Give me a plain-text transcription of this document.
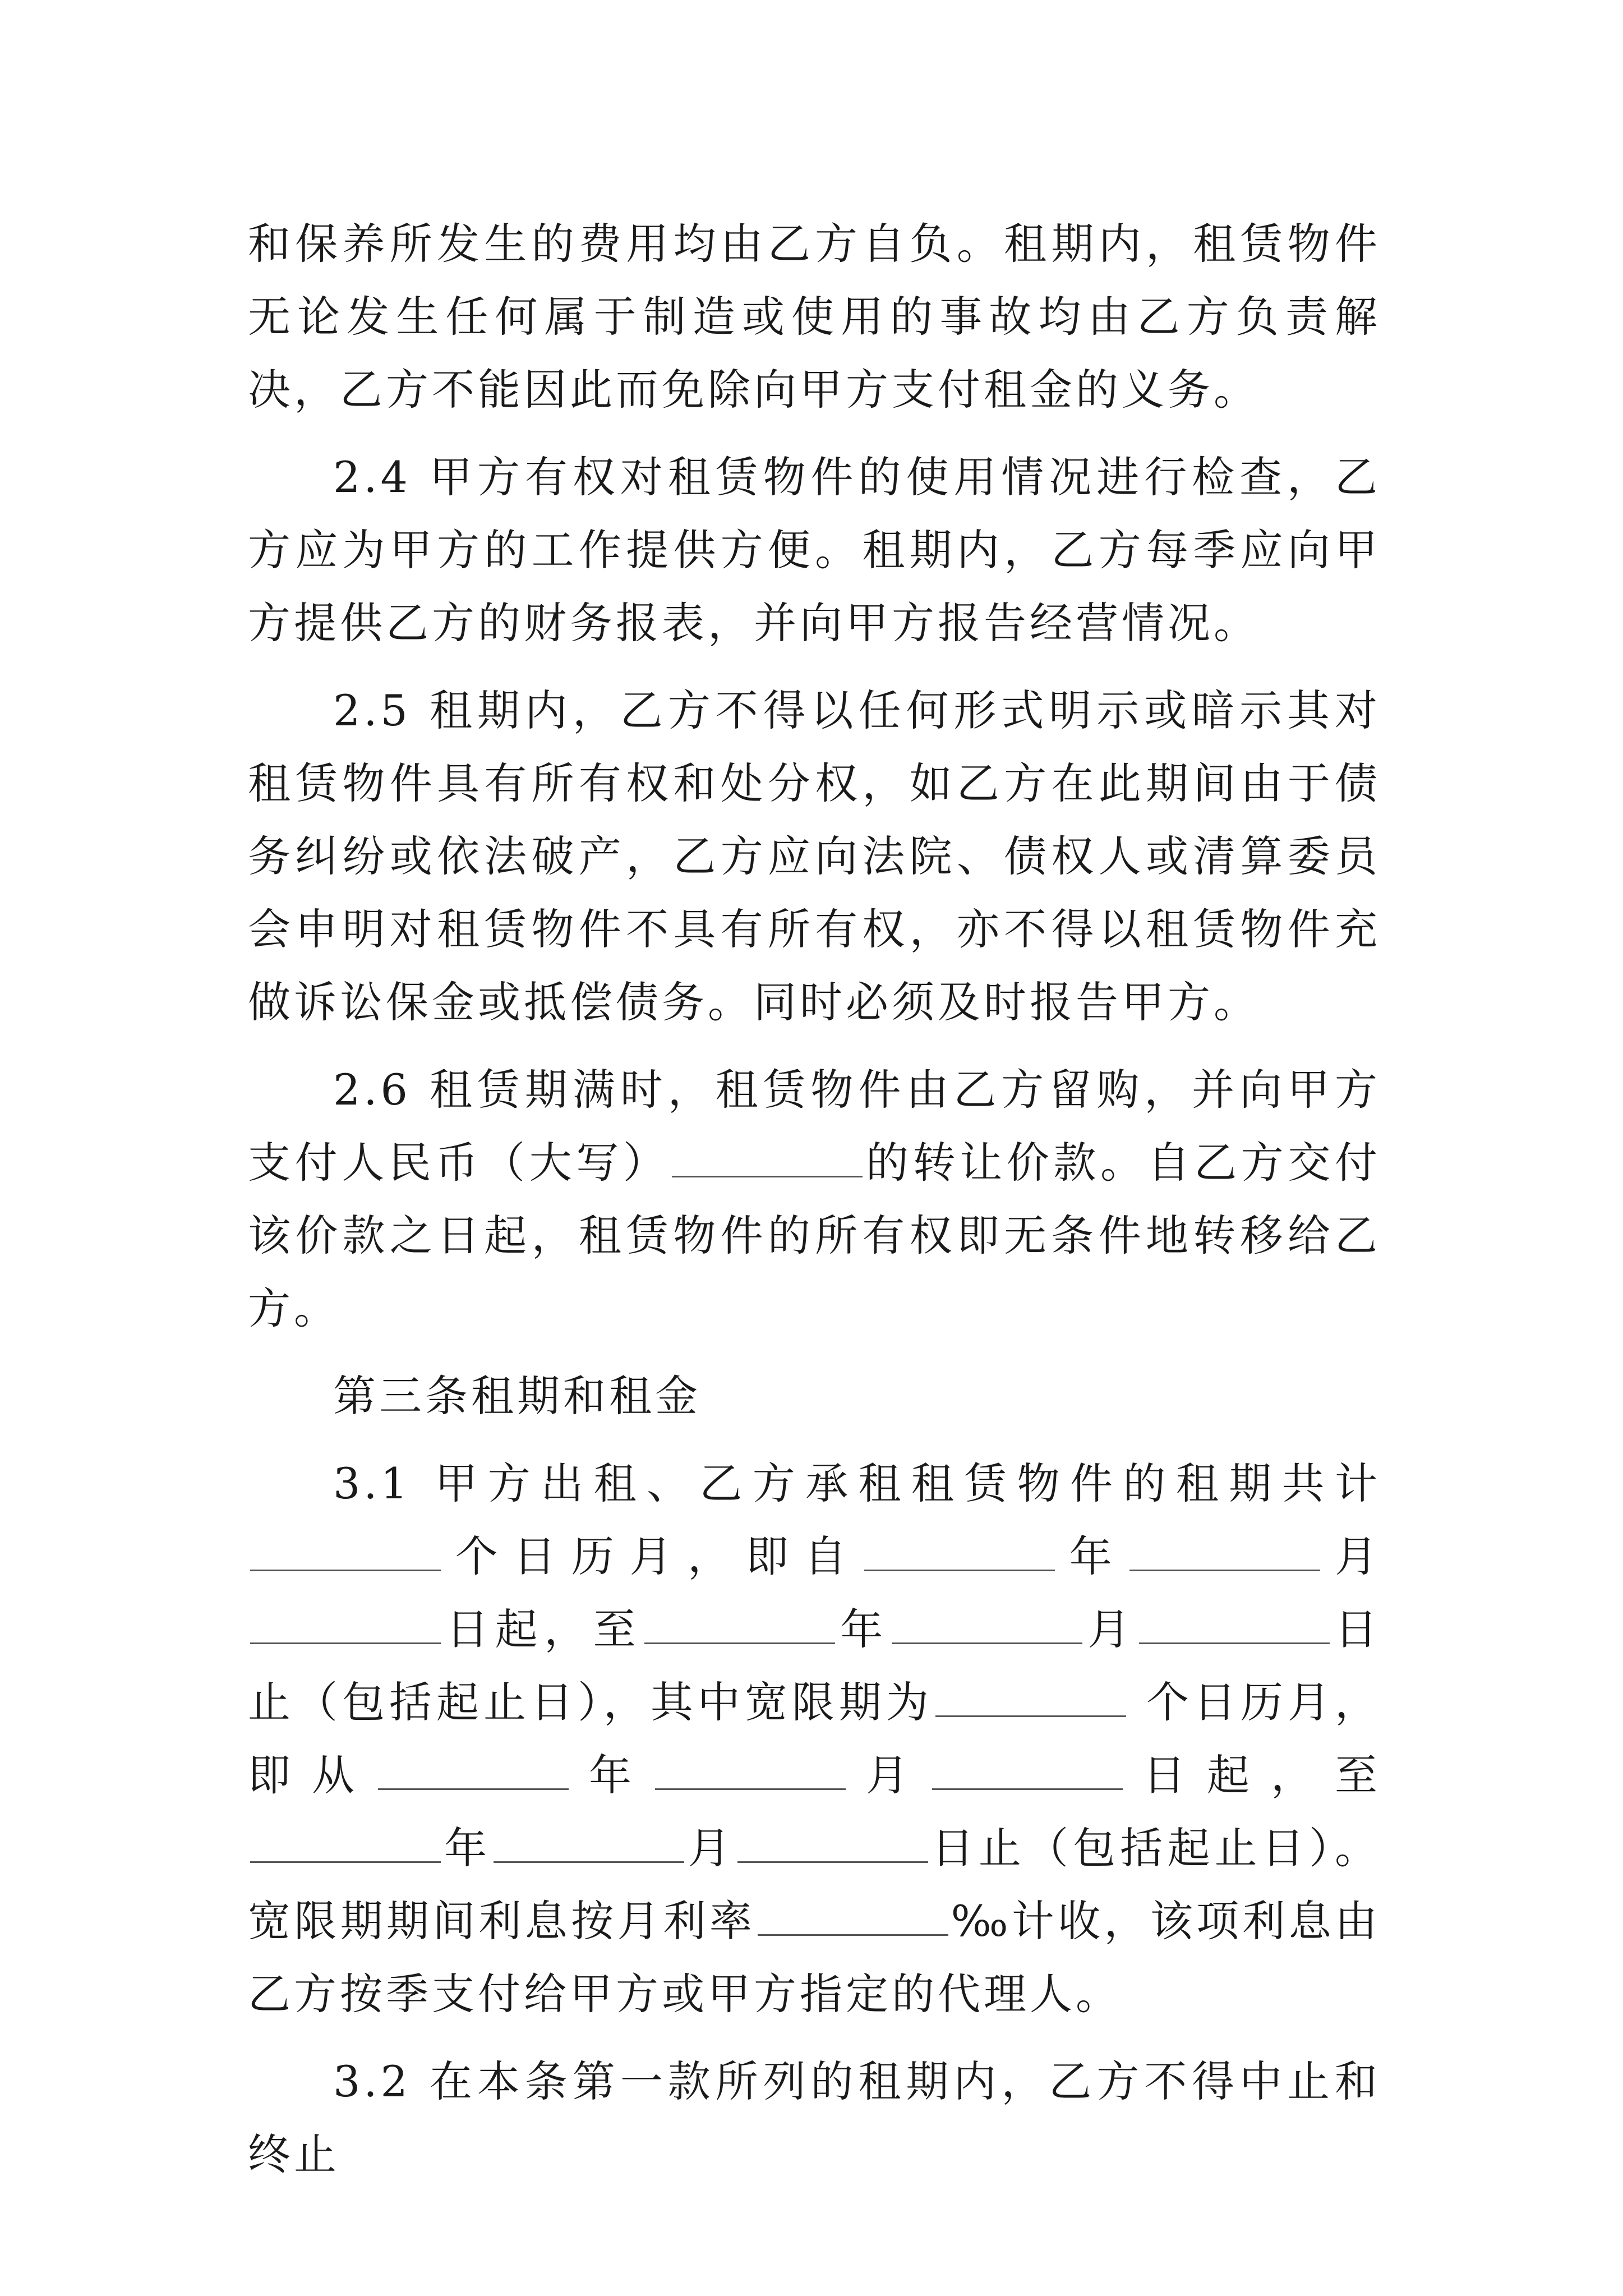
和保养所发生的费用均由乙方自负。租期内，租赁物件无论发生任何属于制造或使用的事故均由乙方负责解决，乙方不能因此而免除向甲方支付租金的义务。
2.4 甲方有权对租赁物件的使用情况进行检查，乙方应为甲方的工作提供方便。租期内，乙方每季应向甲方提供乙方的财务报表，并向甲方报告经营情况。
2.5 租期内，乙方不得以任何形式明示或暗示其对租赁物件具有所有权和处分权，如乙方在此期间由于债务纠纷或依法破产，乙方应向法院、债权人或清算委员会申明对租赁物件不具有所有权，亦不得以租赁物件充做诉讼保金或抵偿债务。同时必须及时报告甲方。
2.6 租赁期满时，租赁物件由乙方留购，并向甲方支付人民币（大写）	的转让价款。自乙方交付该价款之日起，租赁物件的所有权即无条件地转移给乙方。
第三条租期和租金
3.1 甲方出租、乙方承租租赁物件的租期共计个日历月，即自	年	月日起，至	年	月	日止（包括起止日），其中宽限期为	个日历月，即从	年	月	日起，至年	月	日止（包括起止日）。宽限期期间利息按月利率	‰计收，该项利息由乙方按季支付给甲方或甲方指定的代理人。
3.2 在本条第一款所列的租期内，乙方不得中止和终止
